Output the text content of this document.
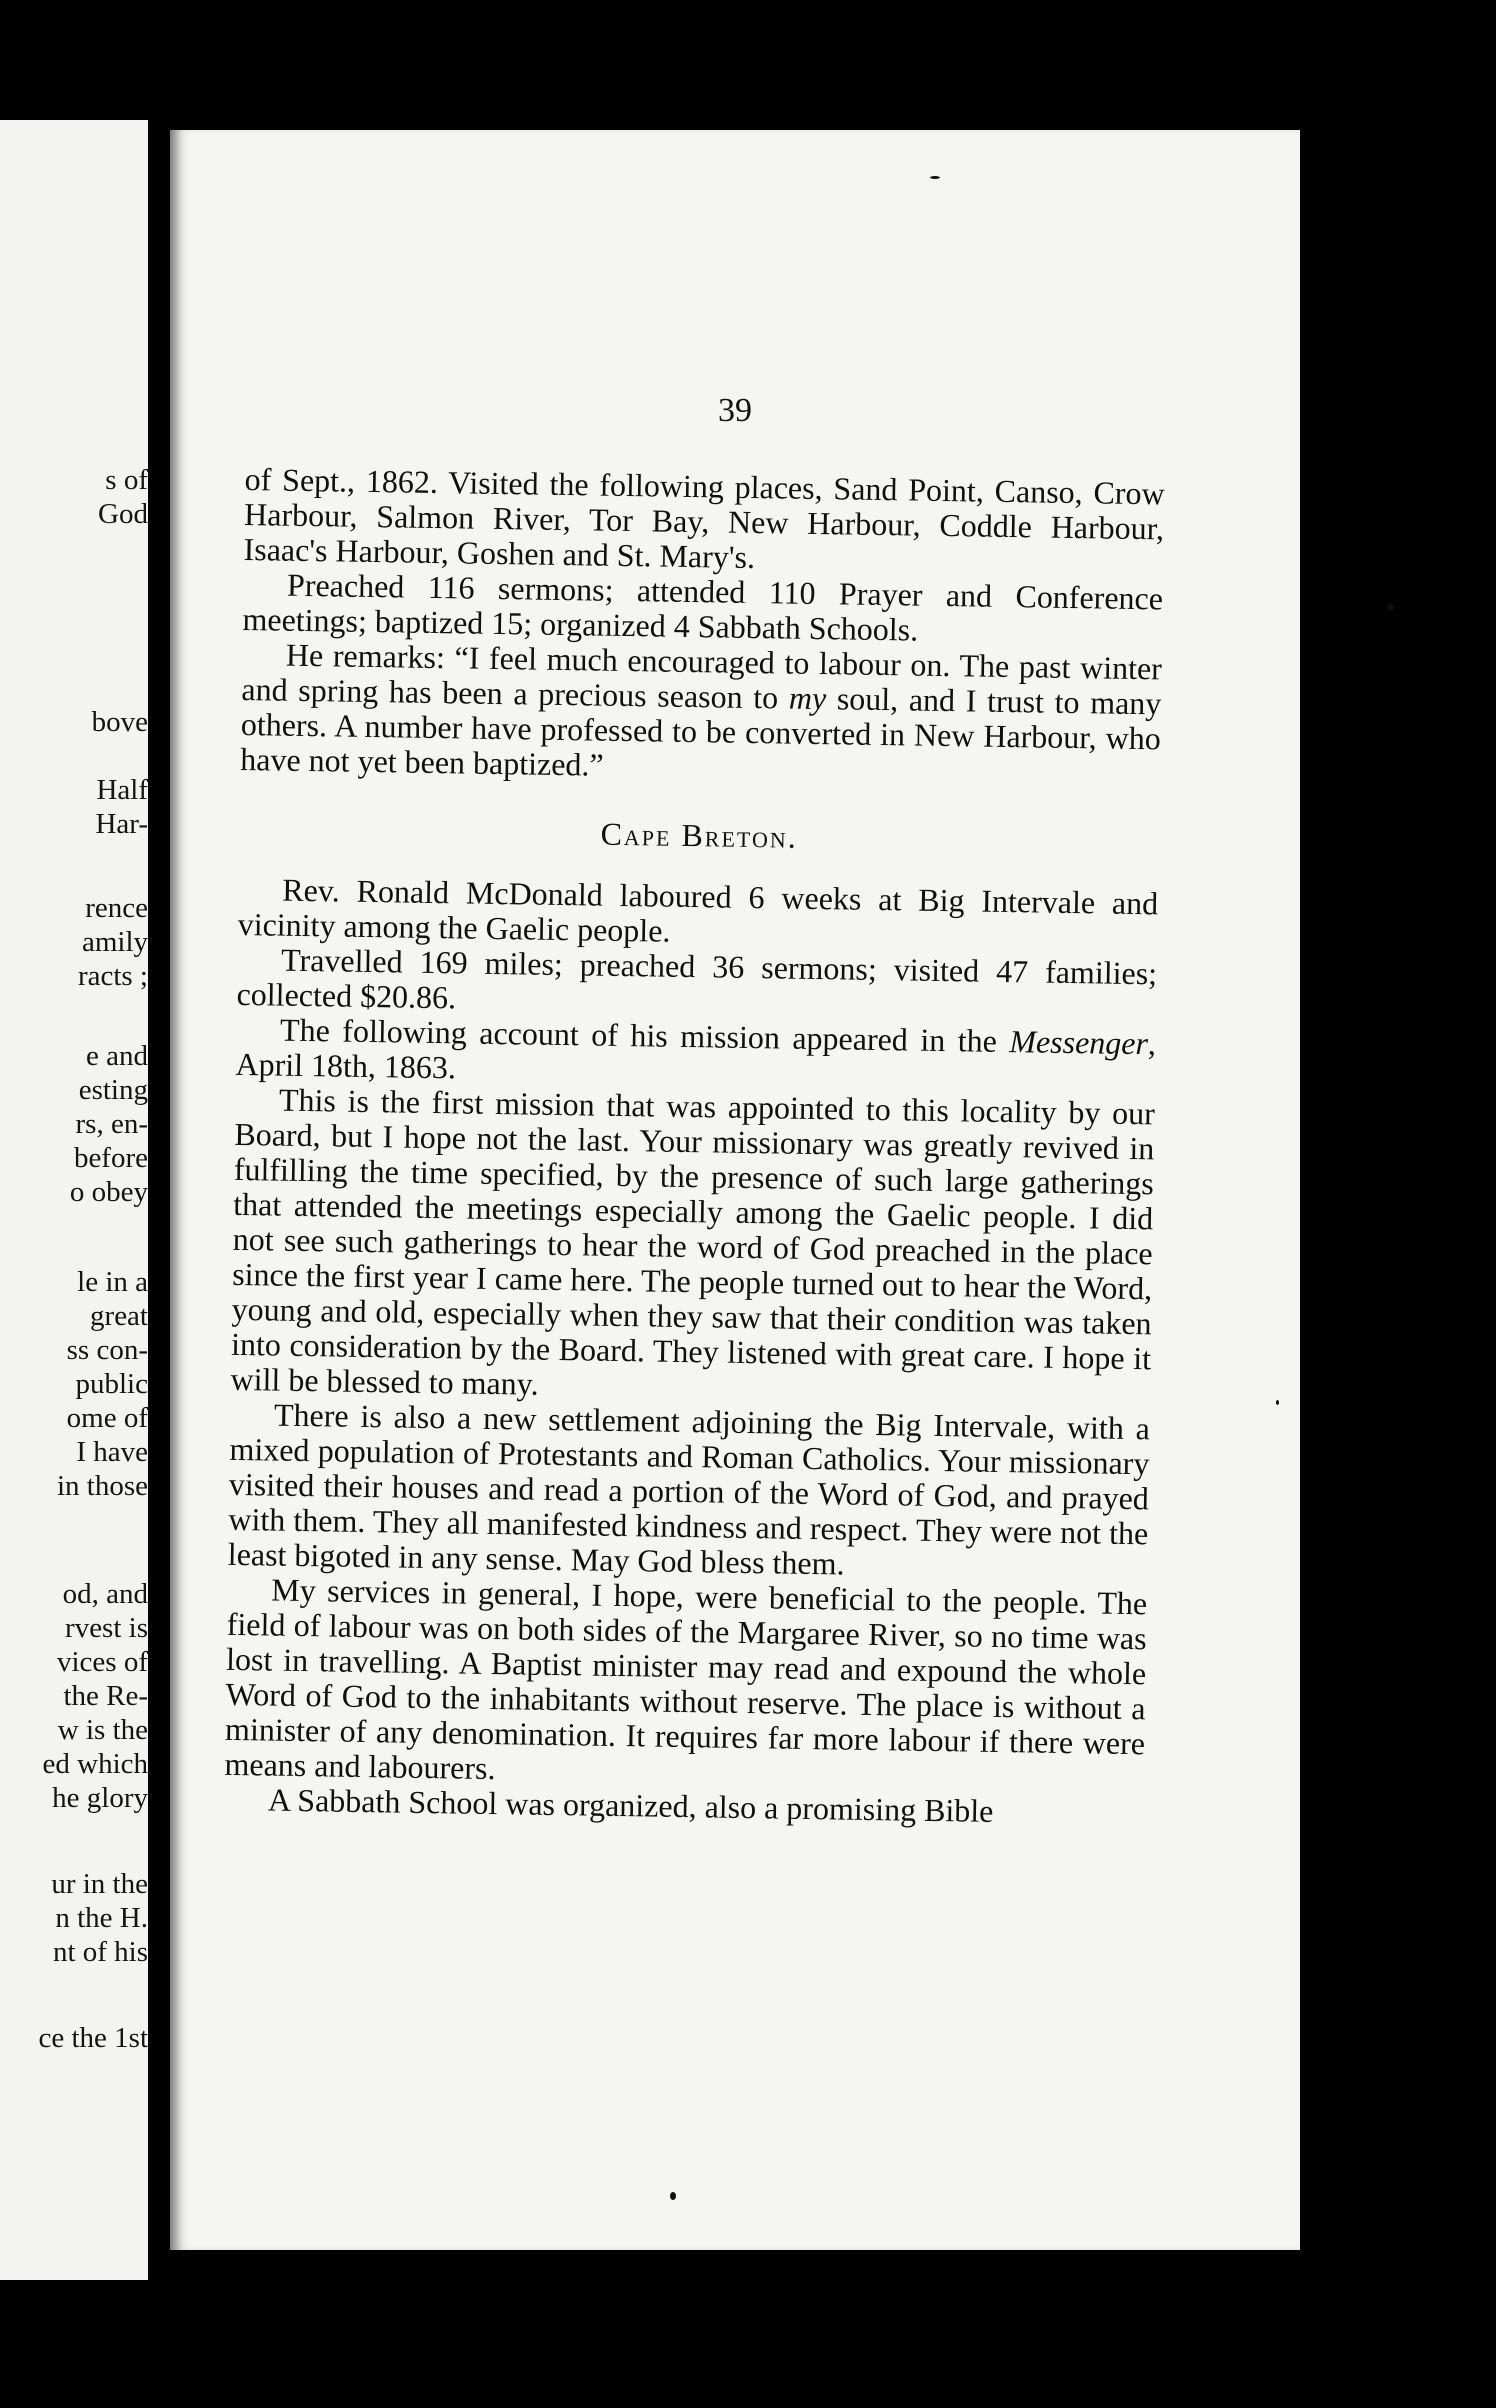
s of
God
bove
Half
Har-
rence
amily
racts ;
e and
esting
rs, en-
before
o obey
le in a
great
ss con-
public
ome of
I have
in those
od, and
rvest is
vices of
the Re-
w is the
ed which
he glory
ur in the
n the H.
nt of his
ce the 1st
39

of Sept., 1862. Visited the following places, Sand Point, Canso, Crow Harbour, Salmon River, Tor Bay, New Harbour, Coddle Harbour, Isaac's Harbour, Goshen and St. Mary's.

Preached 116 sermons; attended 110 Prayer and Conference meetings; baptized 15; organized 4 Sabbath Schools.

He remarks: “I feel much encouraged to labour on. The past winter and spring has been a precious season to my soul, and I trust to many others. A number have professed to be converted in New Harbour, who have not yet been baptized.”

Cape Breton.

Rev. Ronald McDonald laboured 6 weeks at Big Intervale and vicinity among the Gaelic people.

Travelled 169 miles; preached 36 sermons; visited 47 families; collected $20.86.

The following account of his mission appeared in the Messenger, April 18th, 1863.

This is the first mission that was appointed to this locality by our Board, but I hope not the last. Your missionary was greatly revived in fulfilling the time specified, by the presence of such large gatherings that attended the meetings especially among the Gaelic people. I did not see such gatherings to hear the word of God preached in the place since the first year I came here. The people turned out to hear the Word, young and old, especially when they saw that their condition was taken into consideration by the Board. They listened with great care. I hope it will be blessed to many.

There is also a new settlement adjoining the Big Intervale, with a mixed population of Protestants and Roman Catholics. Your missionary visited their houses and read a portion of the Word of God, and prayed with them. They all manifested kindness and respect. They were not the least bigoted in any sense. May God bless them.

My services in general, I hope, were beneficial to the people. The field of labour was on both sides of the Margaree River, so no time was lost in travelling. A Baptist minister may read and expound the whole Word of God to the inhabitants without reserve. The place is without a minister of any denomination. It requires far more labour if there were means and labourers.

A Sabbath School was organized, also a promising Bible
